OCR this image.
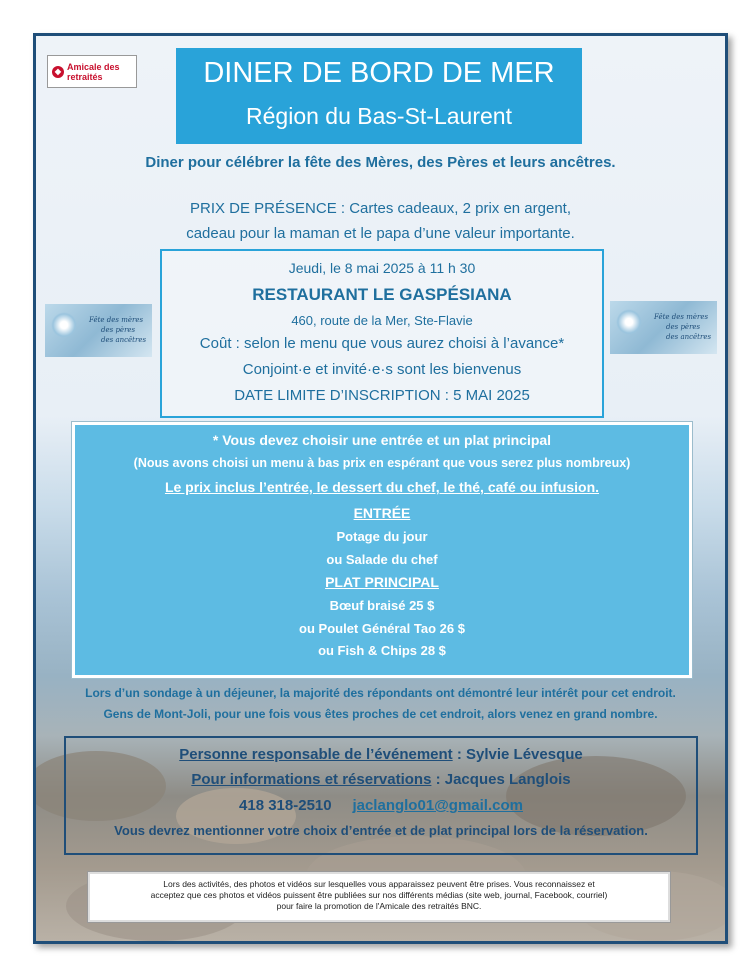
◆ Amicale des
retraités	DINER DE BORD DE MER
Région du Bas-St-Laurent
Diner pour célébrer la fête des Mères, des Pères et leurs ancêtres.
PRIX DE PRÉSENCE : Cartes cadeaux, 2 prix en argent,
cadeau pour la maman et le papa d’une valeur importante.
Fête des mères
des pères
des ancêtres
Fête des mères
des pères
des ancêtres
Jeudi, le 8 mai 2025 à 11 h 30
RESTAURANT LE GASPÉSIANA
460, route de la Mer, Ste-Flavie
Coût : selon le menu que vous aurez choisi à l’avance*
Conjoint·e et invité·e·s sont les bienvenus
DATE LIMITE D’INSCRIPTION : 5 MAI 2025
* Vous devez choisir une entrée et un plat principal
(Nous avons choisi un menu à bas prix en espérant que vous serez plus nombreux)
Le prix inclus l’entrée, le dessert du chef, le thé, café ou infusion.
ENTRÉE
Potage du jour
ou Salade du chef
PLAT PRINCIPAL
Bœuf braisé 25 $
ou Poulet Général Tao 26 $
ou Fish & Chips 28 $
Lors d’un sondage à un déjeuner, la majorité des répondants ont démontré leur intérêt pour cet endroit.
Gens de Mont-Joli, pour une fois vous êtes proches de cet endroit, alors venez en grand nombre.
Personne responsable de l’événement : Sylvie Lévesque
Pour informations et réservations : Jacques Langlois
418 318-2510 jaclanglo01@gmail.com
Vous devrez mentionner votre choix d’entrée et de plat principal lors de la réservation.
Lors des activités, des photos et vidéos sur lesquelles vous apparaissez peuvent être prises. Vous reconnaissez et
acceptez que ces photos et vidéos puissent être publiées sur nos différents médias (site web, journal, Facebook, courriel)
pour faire la promotion de l'Amicale des retraités BNC.
